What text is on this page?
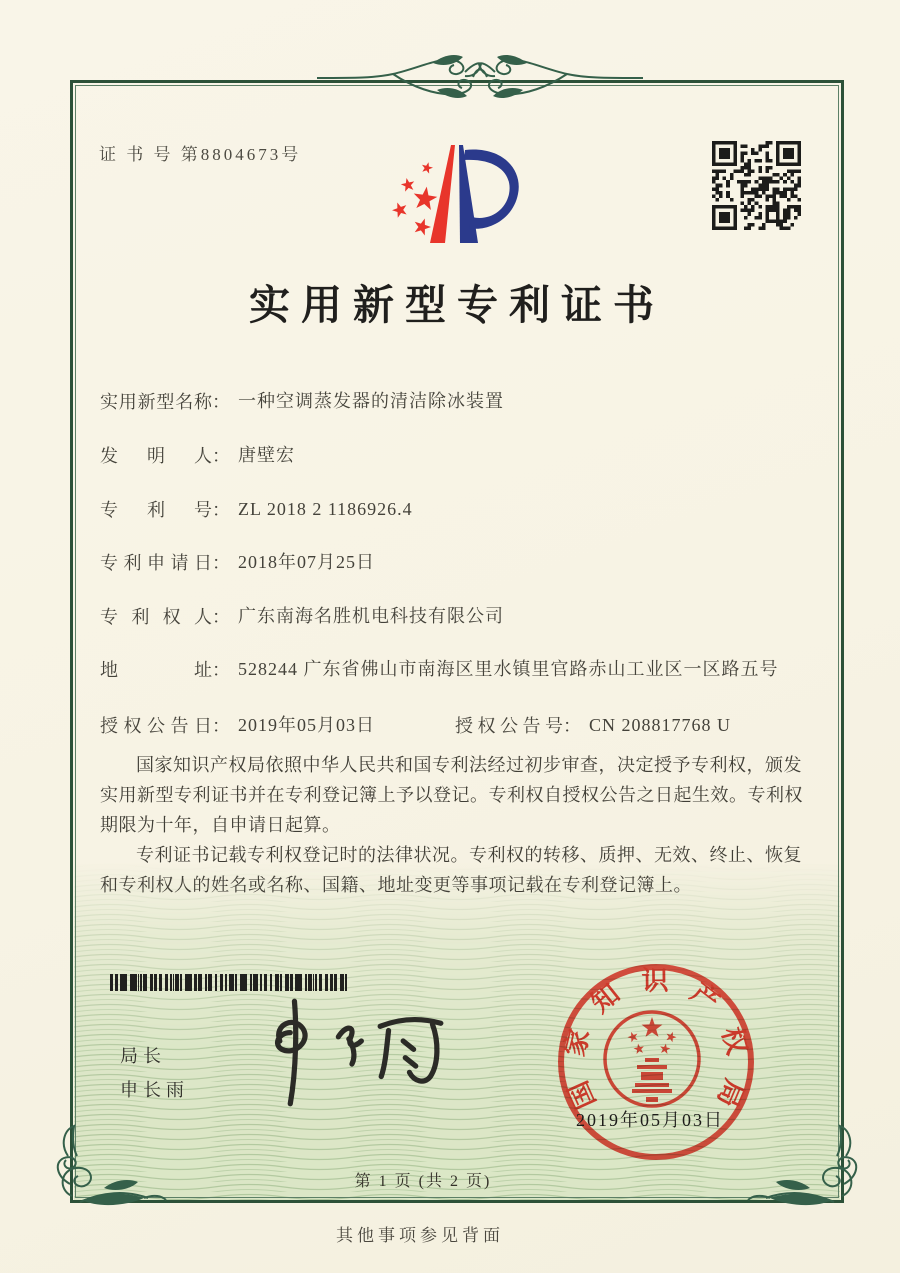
证 书 号 第8804673号
实用新型专利证书
实用新型名称： 一种空调蒸发器的清洁除冰装置
发明人： 唐壁宏
专利号： ZL 2018 2 1186926.4
专利申请日： 2018年07月25日
专利权人： 广东南海名胜机电科技有限公司
地址： 528244 广东省佛山市南海区里水镇里官路赤山工业区一区路五号
授权公告日： 2019年05月03日	授权公告号： CN 208817768 U

国家知识产权局依照中华人民共和国专利法经过初步审查，决定授予专利权，颁发实用新型专利证书并在专利登记簿上予以登记。专利权自授权公告之日起生效。专利权期限为十年，自申请日起算。

专利证书记载专利权登记时的法律状况。专利权的转移、质押、无效、终止、恢复和专利权人的姓名或名称、国籍、地址变更等事项记载在专利登记簿上。

局长
申长雨	国家知识产权局
2019年05月03日
第 1 页 (共 2 页)
其他事项参见背面
